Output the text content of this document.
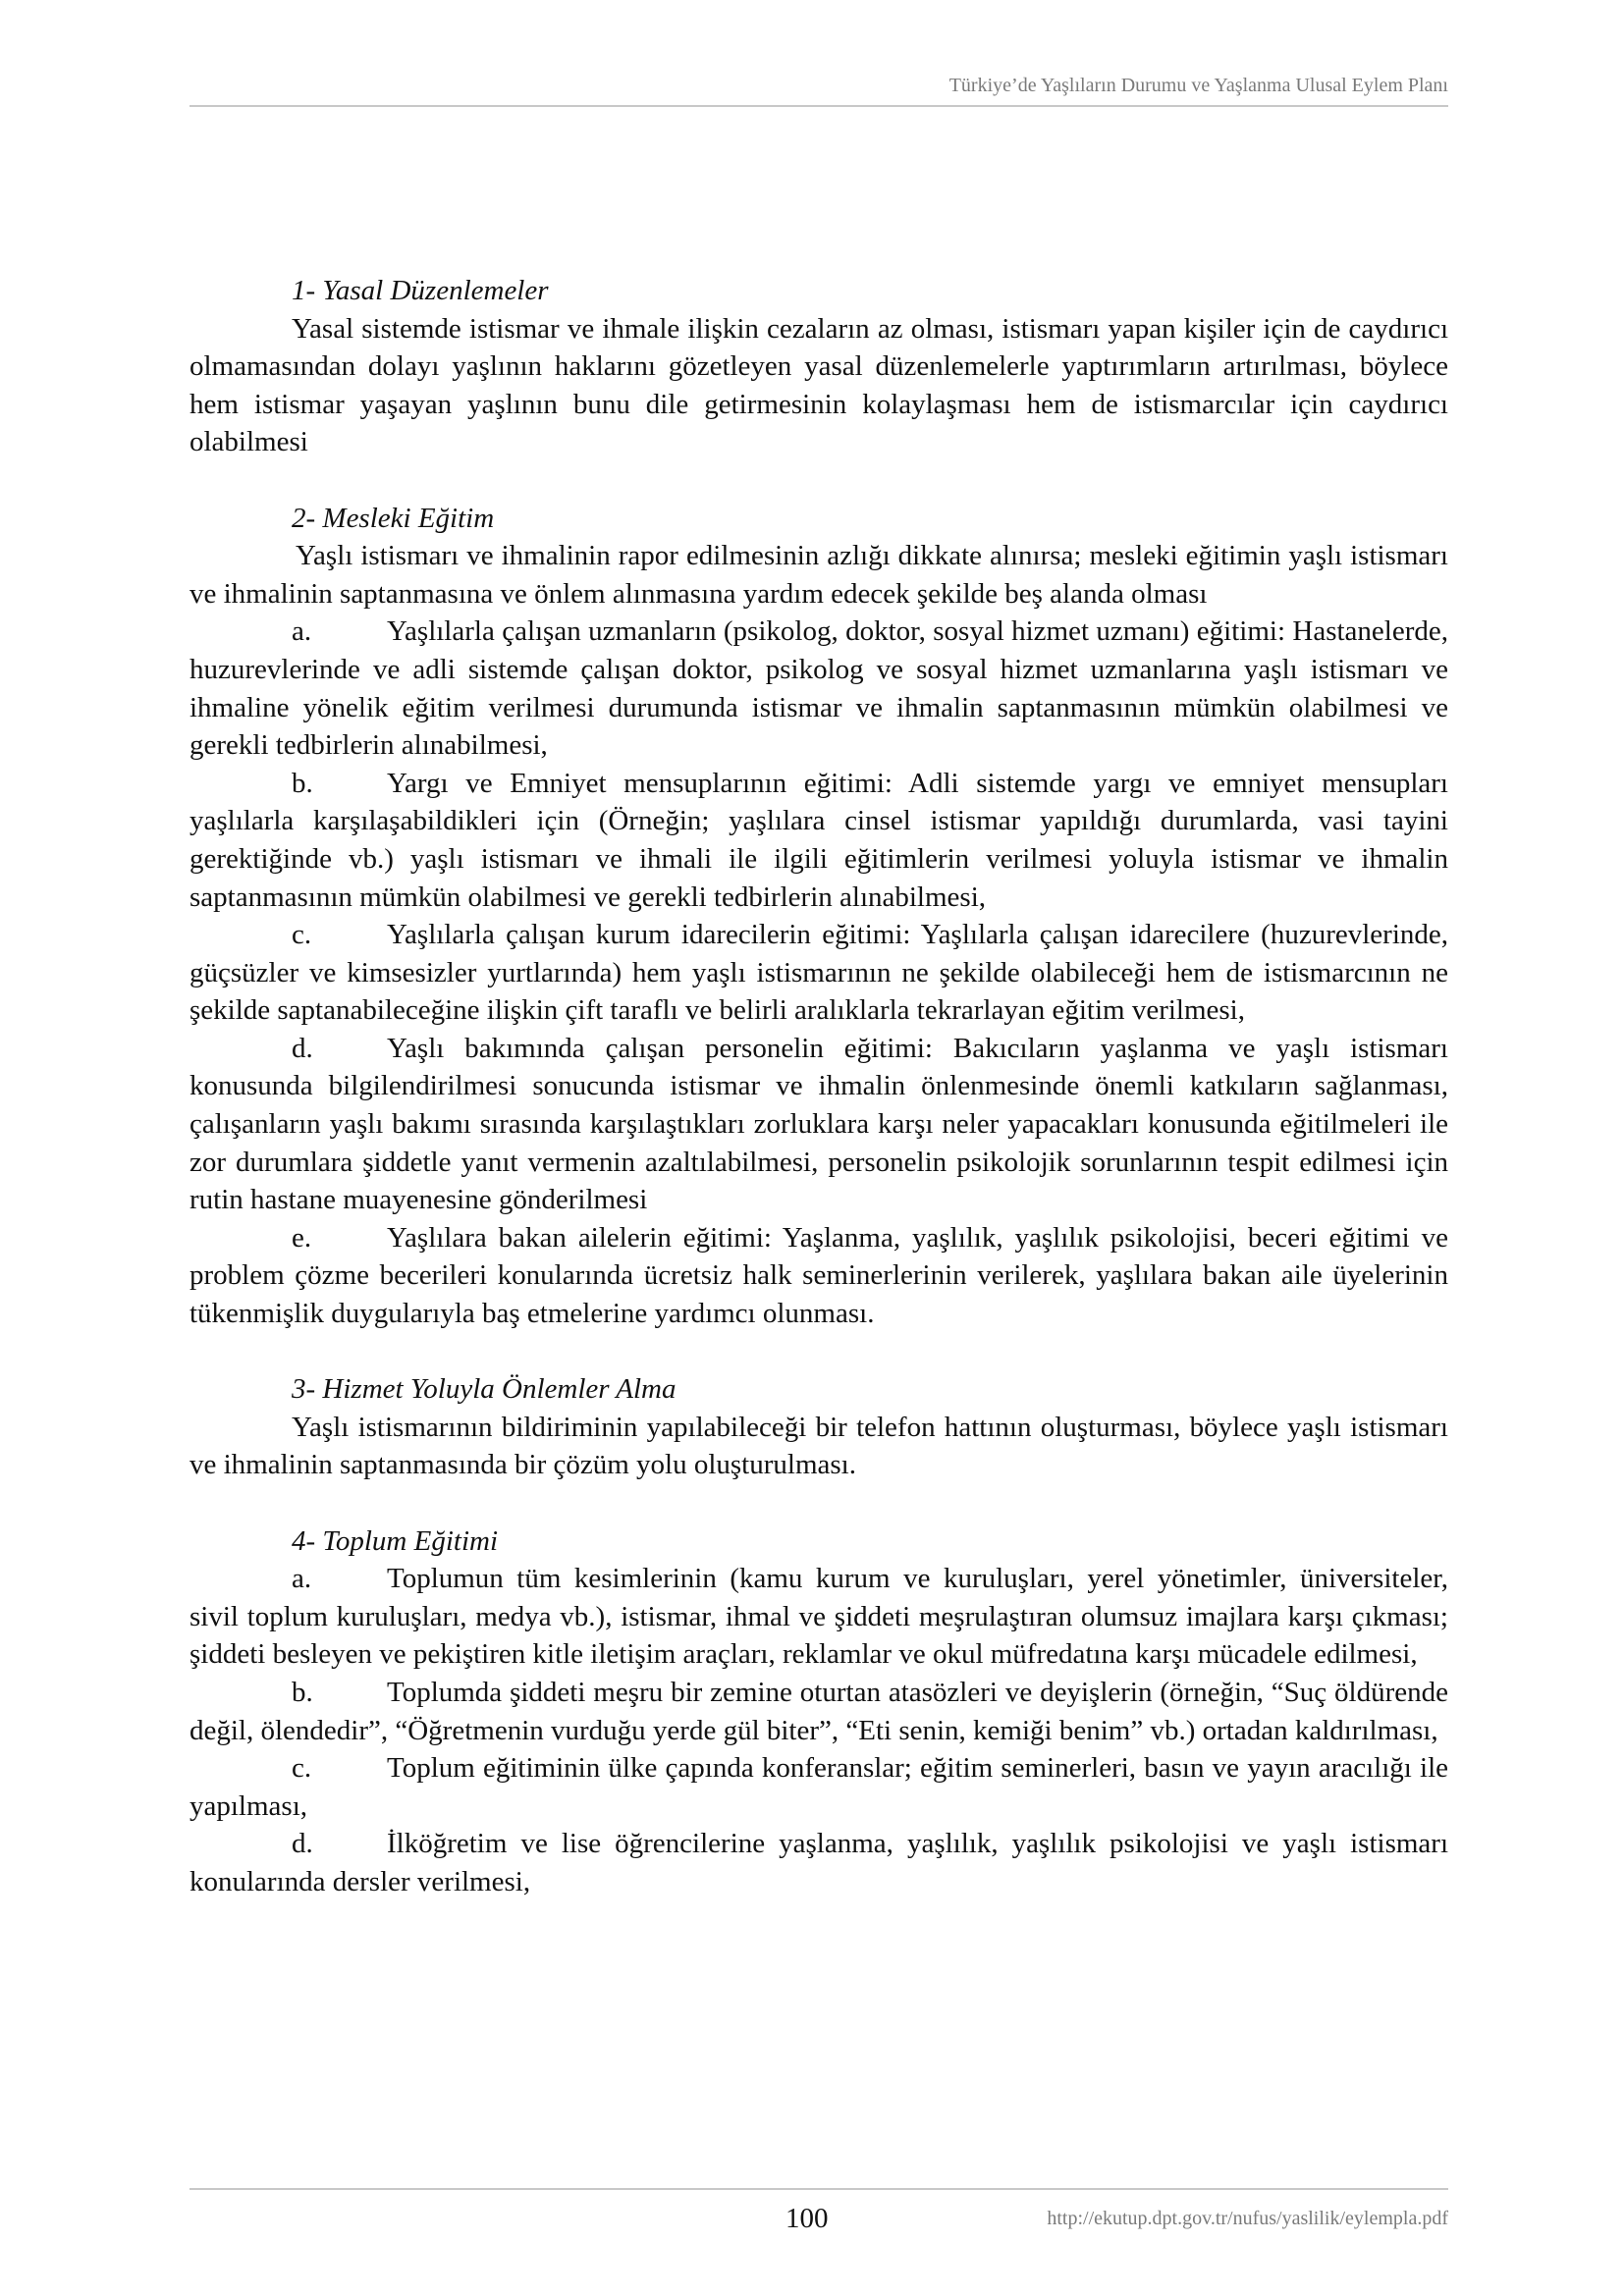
Türkiye’de Yaşlıların Durumu ve Yaşlanma Ulusal Eylem Planı
1- Yasal Düzenlemeler
Yasal sistemde istismar ve ihmale ilişkin cezaların az olması, istismarı yapan kişiler için de caydırıcı olmamasından dolayı yaşlının haklarını gözetleyen yasal düzenlemelerle yaptırımların artırılması, böylece hem istismar yaşayan yaşlının bunu dile getirmesinin kolaylaşması hem de istismarcılar için caydırıcı olabilmesi
2- Mesleki Eğitim
Yaşlı istismarı ve ihmalinin rapor edilmesinin azlığı dikkate alınırsa; mesleki eğitimin yaşlı istismarı ve ihmalinin saptanmasına ve önlem alınmasına yardım edecek şekilde beş alanda olması
a.	Yaşlılarla çalışan uzmanların (psikolog, doktor, sosyal hizmet uzmanı) eğitimi: Hastanelerde, huzurevlerinde ve adli sistemde çalışan doktor, psikolog ve sosyal hizmet uzmanlarına yaşlı istismarı ve ihmaline yönelik eğitim verilmesi durumunda istismar ve ihmalin saptanmasının mümkün olabilmesi ve gerekli tedbirlerin alınabilmesi,
b.	Yargı ve Emniyet mensuplarının eğitimi: Adli sistemde yargı ve emniyet mensupları yaşlılarla karşılaşabildikleri için (Örneğin; yaşlılara cinsel istismar yapıldığı durumlarda, vasi tayini gerektiğinde vb.) yaşlı istismarı ve ihmali ile ilgili eğitimlerin verilmesi yoluyla istismar ve ihmalin saptanmasının mümkün olabilmesi ve gerekli tedbirlerin alınabilmesi,
c.	Yaşlılarla çalışan kurum idarecilerin eğitimi: Yaşlılarla çalışan idarecilere (huzurevlerinde, güçsüzler ve kimsesizler yurtlarında) hem yaşlı istismarının ne şekilde olabileceği hem de istismarcının ne şekilde saptanabileceğine ilişkin çift taraflı ve belirli aralıklarla tekrarlayan eğitim verilmesi,
d.	Yaşlı bakımında çalışan personelin eğitimi: Bakıcıların yaşlanma ve yaşlı istismarı konusunda bilgilendirilmesi sonucunda istismar ve ihmalin önlenmesinde önemli katkıların sağlanması, çalışanların yaşlı bakımı sırasında karşılaştıkları zorluklara karşı neler yapacakları konusunda eğitilmeleri ile zor durumlara şiddetle yanıt vermenin azaltılabilmesi, personelin psikolojik sorunlarının tespit edilmesi için rutin hastane muayenesine gönderilmesi
e.	Yaşlılara bakan ailelerin eğitimi: Yaşlanma, yaşlılık, yaşlılık psikolojisi, beceri eğitimi ve problem çözme becerileri konularında ücretsiz halk seminerlerinin verilerek, yaşlılara bakan aile üyelerinin tükenmişlik duygularıyla baş etmelerine yardımcı olunması.
3- Hizmet Yoluyla Önlemler Alma
Yaşlı istismarının bildiriminin yapılabileceği bir telefon hattının oluşturması, böylece yaşlı istismarı ve ihmalinin saptanmasında bir çözüm yolu oluşturulması.
4- Toplum Eğitimi
a.	Toplumun tüm kesimlerinin (kamu kurum ve kuruluşları, yerel yönetimler, üniversiteler, sivil toplum kuruluşları, medya vb.), istismar, ihmal ve şiddeti meşrulaştıran olumsuz imajlara karşı çıkması; şiddeti besleyen ve pekiştiren kitle iletişim araçları, reklamlar ve okul müfredatına karşı mücadele edilmesi,
b.	Toplumda şiddeti meşru bir zemine oturtan atasözleri ve deyişlerin (örneğin, “Suç öldürende değil, ölendedir”, “Öğretmenin vurduğu yerde gül biter”, “Eti senin, kemiği benim” vb.) ortadan kaldırılması,
c.	Toplum eğitiminin ülke çapında konferanslar; eğitim seminerleri, basın ve yayın aracılığı ile yapılması,
d.	İlköğretim ve lise öğrencilerine yaşlanma, yaşlılık, yaşlılık psikolojisi ve yaşlı istismarı konularında dersler verilmesi,
100	http://ekutup.dpt.gov.tr/nufus/yaslilik/eylempla.pdf
